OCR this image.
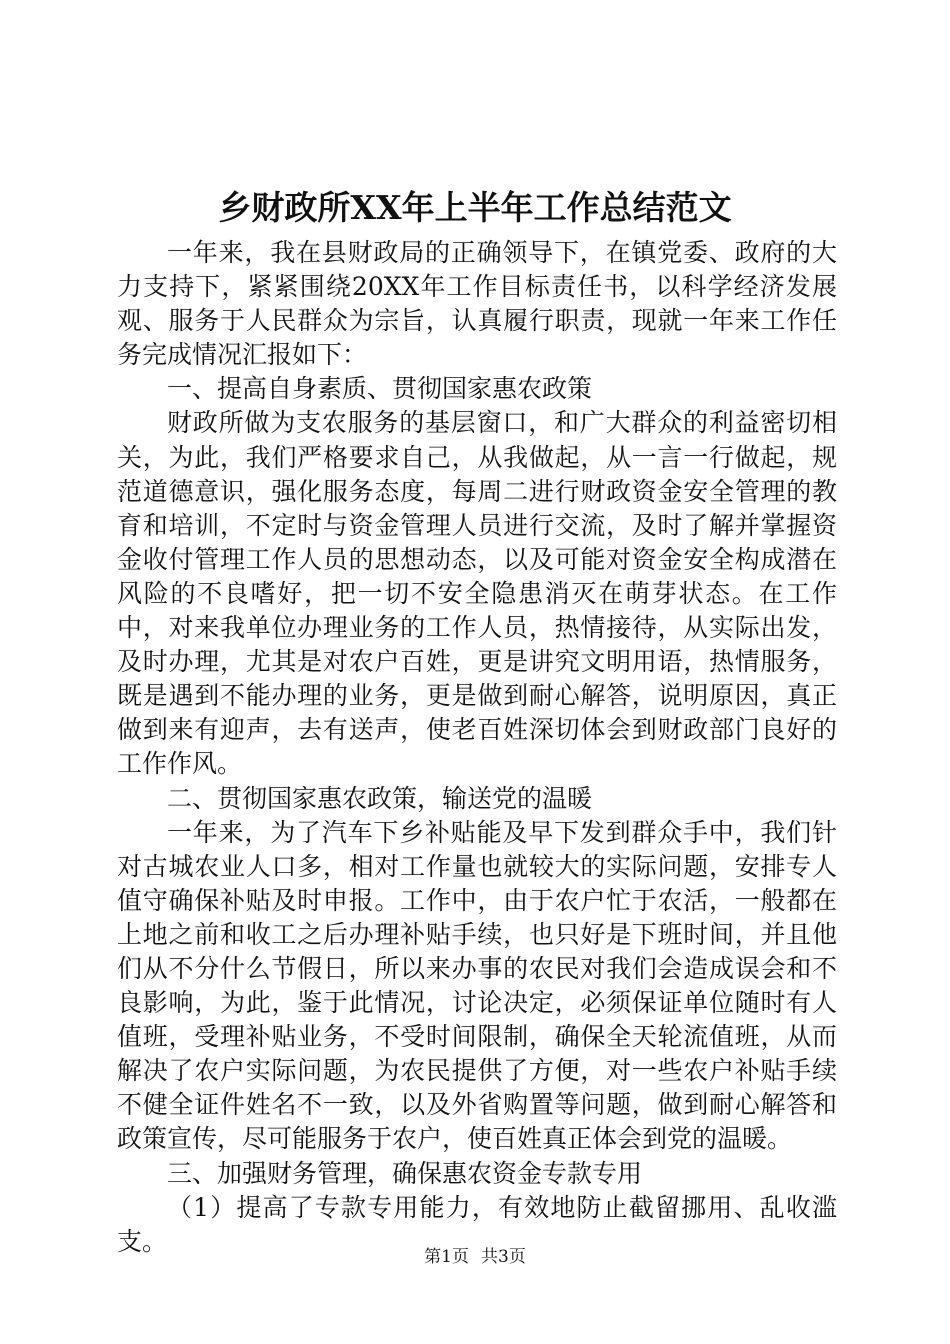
乡财政所XX年上半年工作总结范文

一年来，我在县财政局的正确领导下，在镇党委、政府的大力支持下，紧紧围绕20XX年工作目标责任书，以科学经济发展观、服务于人民群众为宗旨，认真履行职责，现就一年来工作任务完成情况汇报如下：

一、提高自身素质、贯彻国家惠农政策

财政所做为支农服务的基层窗口，和广大群众的利益密切相关，为此，我们严格要求自己，从我做起，从一言一行做起，规范道德意识，强化服务态度，每周二进行财政资金安全管理的教育和培训，不定时与资金管理人员进行交流，及时了解并掌握资金收付管理工作人员的思想动态，以及可能对资金安全构成潜在风险的不良嗜好，把一切不安全隐患消灭在萌芽状态。在工作中，对来我单位办理业务的工作人员，热情接待，从实际出发，及时办理，尤其是对农户百姓，更是讲究文明用语，热情服务，既是遇到不能办理的业务，更是做到耐心解答，说明原因，真正做到来有迎声，去有送声，使老百姓深切体会到财政部门良好的工作作风。

二、贯彻国家惠农政策，输送党的温暖

一年来，为了汽车下乡补贴能及早下发到群众手中，我们针对古城农业人口多，相对工作量也就较大的实际问题，安排专人值守确保补贴及时申报。工作中，由于农户忙于农活，一般都在上地之前和收工之后办理补贴手续，也只好是下班时间，并且他们从不分什么节假日，所以来办事的农民对我们会造成误会和不良影响，为此，鉴于此情况，讨论决定，必须保证单位随时有人值班，受理补贴业务，不受时间限制，确保全天轮流值班，从而解决了农户实际问题，为农民提供了方便，对一些农户补贴手续不健全证件姓名不一致，以及外省购置等问题，做到耐心解答和政策宣传，尽可能服务于农户，使百姓真正体会到党的温暖。

三、加强财务管理，确保惠农资金专款专用

（1）提高了专款专用能力，有效地防止截留挪用、乱收滥支。

第1页 共3页
